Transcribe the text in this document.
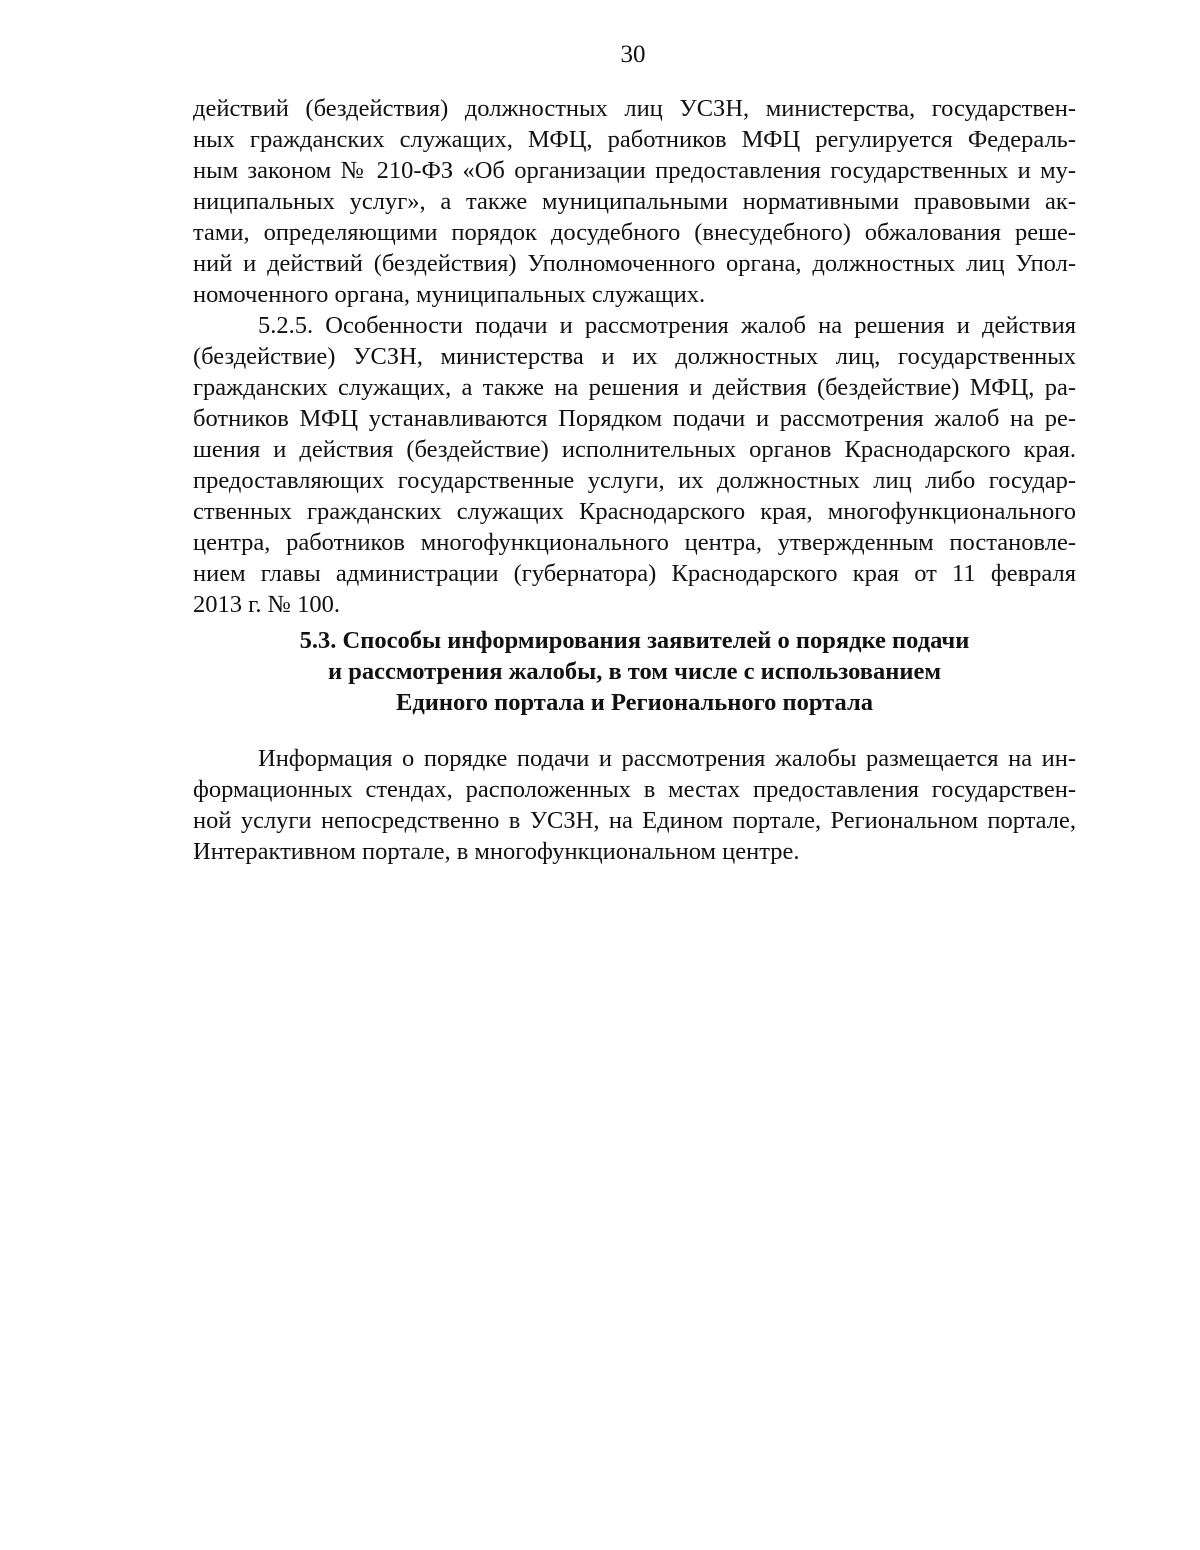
30
действий (бездействия) должностных лиц УСЗН, министерства, государствен-
ных гражданских служащих, МФЦ, работников МФЦ регулируется Федераль-
ным законом № 210-ФЗ «Об организации предоставления государственных и му-
ниципальных услуг», а также муниципальными нормативными правовыми ак-
тами, определяющими порядок досудебного (внесудебного) обжалования реше-
ний и действий (бездействия) Уполномоченного органа, должностных лиц Упол-
номоченного органа, муниципальных служащих.
5.2.5. Особенности подачи и рассмотрения жалоб на решения и действия
(бездействие) УСЗН, министерства и их должностных лиц, государственных
гражданских служащих, а также на решения и действия (бездействие) МФЦ, ра-
ботников МФЦ устанавливаются Порядком подачи и рассмотрения жалоб на ре-
шения и действия (бездействие) исполнительных органов Краснодарского края.
предоставляющих государственные услуги, их должностных лиц либо государ-
ственных гражданских служащих Краснодарского края, многофункционального
центра, работников многофункционального центра, утвержденным постановле-
нием главы администрации (губернатора) Краснодарского края от 11 февраля
2013 г. № 100.
5.3. Способы информирования заявителей о порядке подачи
и рассмотрения жалобы, в том числе с использованием
Единого портала и Регионального портала
Информация о порядке подачи и рассмотрения жалобы размещается на ин-
формационных стендах, расположенных в местах предоставления государствен-
ной услуги непосредственно в УСЗН, на Едином портале, Региональном портале,
Интерактивном портале, в многофункциональном центре.
